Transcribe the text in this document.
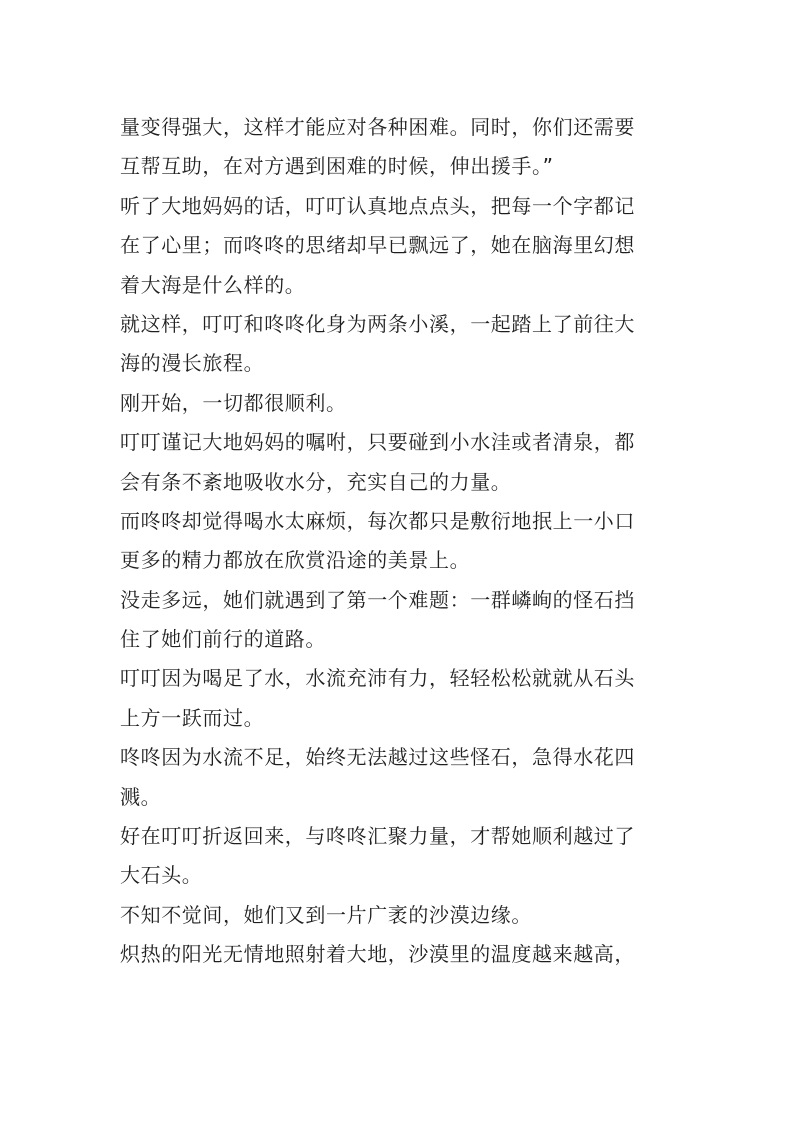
量变得强大，这样才能应对各种困难。同时，你们还需要
互帮互助，在对方遇到困难的时候，伸出援手。”
听了大地妈妈的话，叮叮认真地点点头，把每一个字都记
在了心里；而咚咚的思绪却早已飘远了，她在脑海里幻想
着大海是什么样的。
就这样，叮叮和咚咚化身为两条小溪，一起踏上了前往大
海的漫长旅程。
刚开始，一切都很顺利。
叮叮谨记大地妈妈的嘱咐，只要碰到小水洼或者清泉，都
会有条不紊地吸收水分，充实自己的力量。
而咚咚却觉得喝水太麻烦，每次都只是敷衍地抿上一小口
更多的精力都放在欣赏沿途的美景上。
没走多远，她们就遇到了第一个难题：一群嶙峋的怪石挡
住了她们前行的道路。
叮叮因为喝足了水，水流充沛有力，轻轻松松就就从石头
上方一跃而过。
咚咚因为水流不足，始终无法越过这些怪石，急得水花四
溅。
好在叮叮折返回来，与咚咚汇聚力量，才帮她顺利越过了
大石头。
不知不觉间，她们又到一片广袤的沙漠边缘。
炽热的阳光无情地照射着大地，沙漠里的温度越来越高，
